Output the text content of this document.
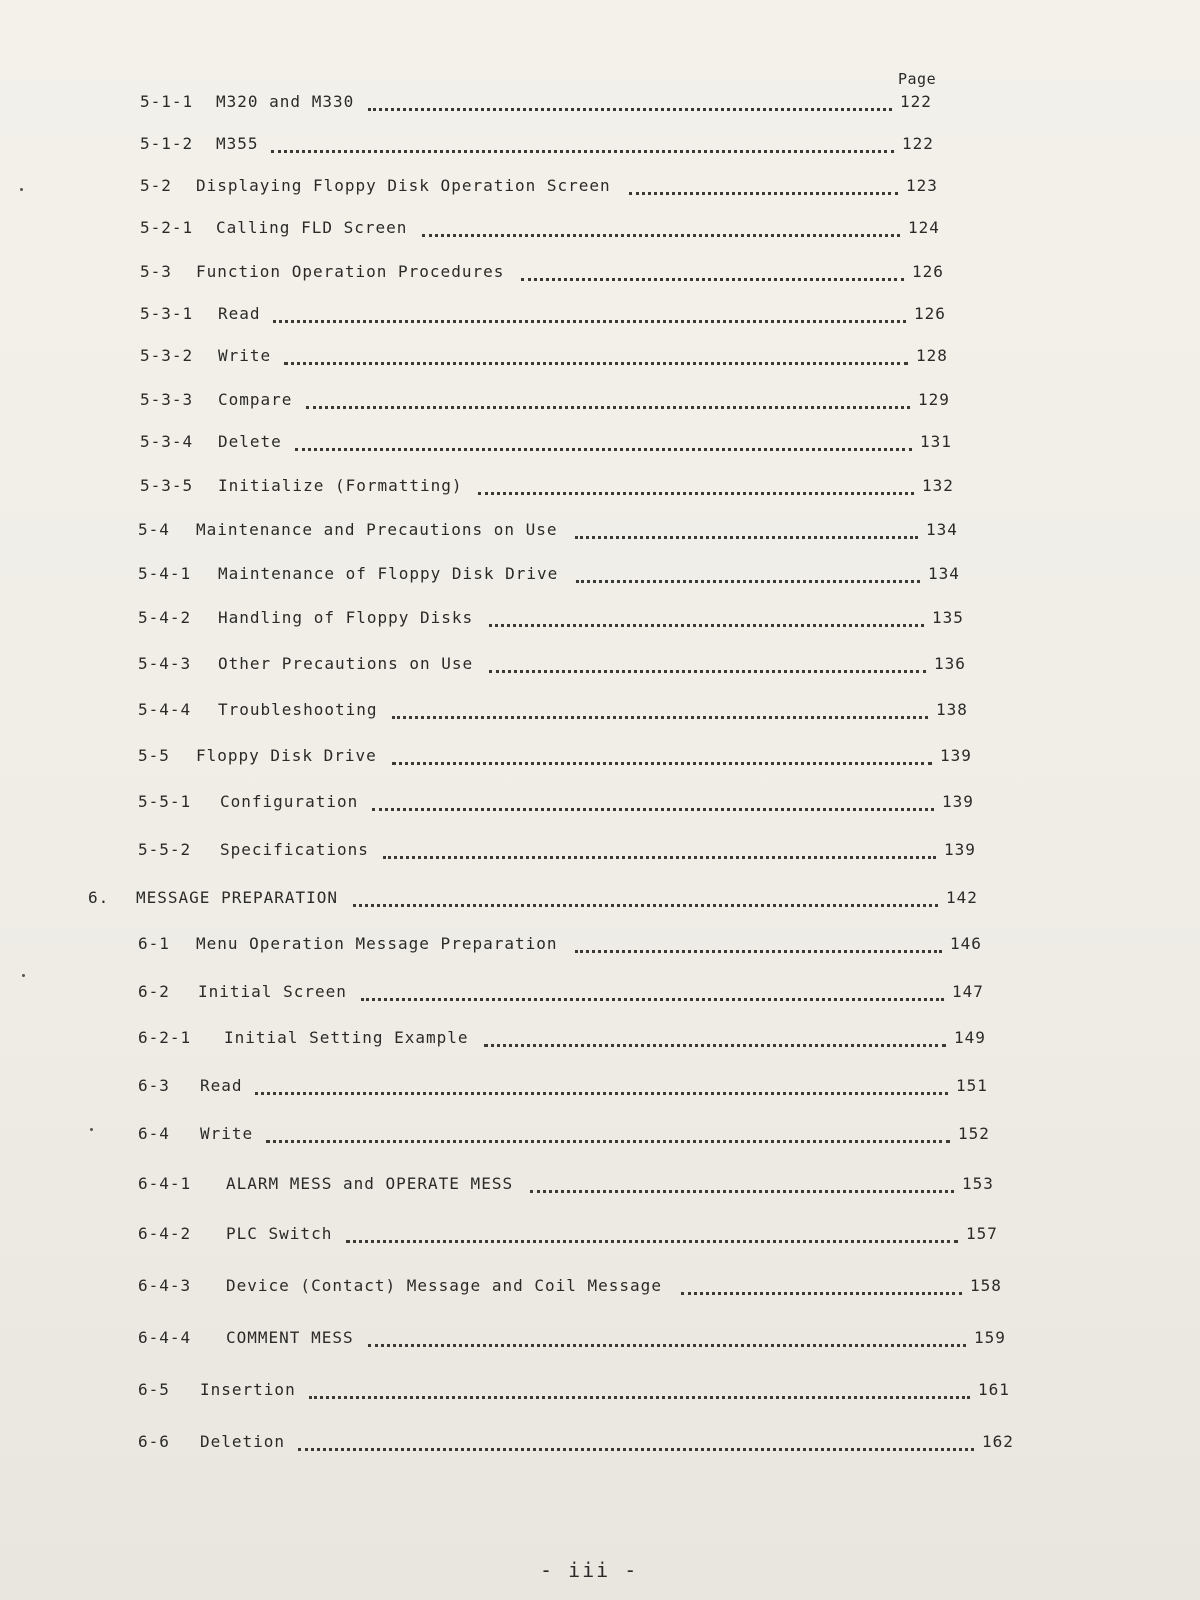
Page
5-1-1 M320 and M330	122
5-1-2 M355	122
5-2 Displaying Floppy Disk Operation Screen	123
5-2-1 Calling FLD Screen	124
5-3 Function Operation Procedures	126
5-3-1 Read	126
5-3-2 Write	128
5-3-3 Compare	129
5-3-4 Delete	131
5-3-5 Initialize (Formatting)	132
5-4 Maintenance and Precautions on Use	134
5-4-1 Maintenance of Floppy Disk Drive	134
5-4-2 Handling of Floppy Disks	135
5-4-3 Other Precautions on Use	136
5-4-4 Troubleshooting	138
5-5 Floppy Disk Drive	139
5-5-1 Configuration	139
5-5-2 Specifications	139
6. MESSAGE PREPARATION	142
6-1 Menu Operation Message Preparation	146
6-2 Initial Screen	147
6-2-1 Initial Setting Example	149
6-3 Read	151
6-4 Write	152
6-4-1 ALARM MESS and OPERATE MESS	153
6-4-2 PLC Switch	157
6-4-3 Device (Contact) Message and Coil Message	158
6-4-4 COMMENT MESS	159
6-5 Insertion	161
6-6 Deletion	162
- iii -
